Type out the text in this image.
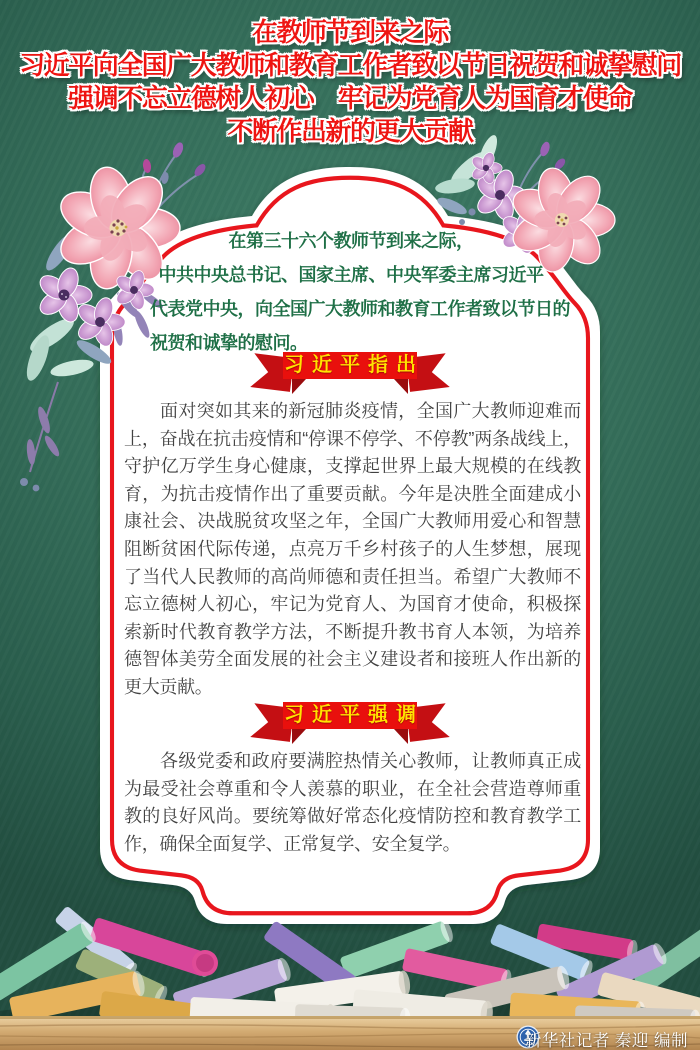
在教师节到来之际
习近平向全国广大教师和教育工作者致以节日祝贺和诚挚慰问
强调不忘立德树人初心　牢记为党育人为国育才使命
不断作出新的更大贡献
在第三十六个教师节到来之际，
中共中央总书记、国家主席、中央军委主席习近平
代表党中央，向全国广大教师和教育工作者致以节日的
祝贺和诚挚的慰问。
习近平指出
习近平强调

面对突如其来的新冠肺炎疫情，全国广大教师迎难而上，奋战在抗击疫情和“停课不停学、不停教”两条战线上，守护亿万学生身心健康，支撑起世界上最大规模的在线教育，为抗击疫情作出了重要贡献。今年是决胜全面建成小康社会、决战脱贫攻坚之年，全国广大教师用爱心和智慧阻断贫困代际传递，点亮万千乡村孩子的人生梦想，展现了当代人民教师的高尚师德和责任担当。希望广大教师不忘立德树人初心，牢记为党育人、为国育才使命，积极探索新时代教育教学方法，不断提升教书育人本领，为培养德智体美劳全面发展的社会主义建设者和接班人作出新的更大贡献。

各级党委和政府要满腔热情关心教师，让教师真正成为最受社会尊重和令人羡慕的职业，在全社会营造尊师重教的良好风尚。要统筹做好常态化疫情防控和教育教学工作，确保全面复学、正常复学、安全复学。

新华社记者 秦迎 编制
